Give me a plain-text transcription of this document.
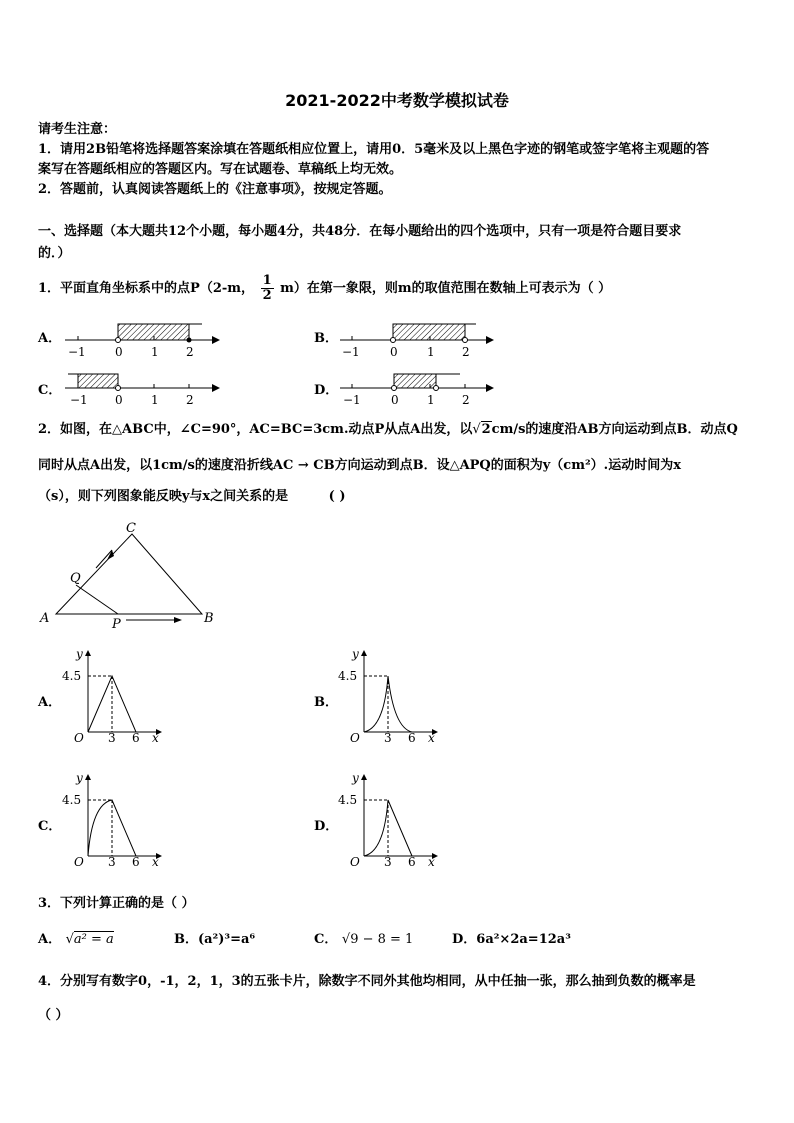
2021-2022中考数学模拟试卷
请考生注意：
1．请用2B铅笔将选择题答案涂填在答题纸相应位置上，请用0．5毫米及以上黑色字迹的钢笔或签字笔将主观题的答
案写在答题纸相应的答题区内。写在试题卷、草稿纸上均无效。
2．答题前，认真阅读答题纸上的《注意事项》，按规定答题。
一、选择题（本大题共12个小题，每小题4分，共48分．在每小题给出的四个选项中，只有一项是符合题目要求
的．）
1．平面直角坐标系中的点P（2-m， $\frac{1}{2} m$）在第一象限，则m的取值范围在数轴上可表示为（ ）
A．
−1 0 1 2
B．
−1	0 1 2
C．
−1 0 1 2
D．
−1	0 1 2
2．如图，在△ABC中，∠C=90°，AC=BC=3cm.动点P从点A出发，以√2cm/s的速度沿AB方向运动到点B．动点Q
同时从点A出发，以1cm/s的速度沿折线AC → CB方向运动到点B．设△APQ的面积为y（cm²）.运动时间为x
（s），则下列图象能反映y与x之间关系的是	( )
C
A	B
Q
P
A．
y
4.5
O 3 6 x
B．
y
4.5
O 3 6 x
C．
y
4.5
O 3 6 x
D．
y
4.5
O 3 6 x
3．下列计算正确的是（ ）
A． √a² = a	B．(a²)³=a⁶	C． √9 − 8 = 1	D．6a²×2a=12a³
4．分别写有数字0，-1，2，1，3的五张卡片，除数字不同外其他均相同，从中任抽一张，那么抽到负数的概率是
（ ）
